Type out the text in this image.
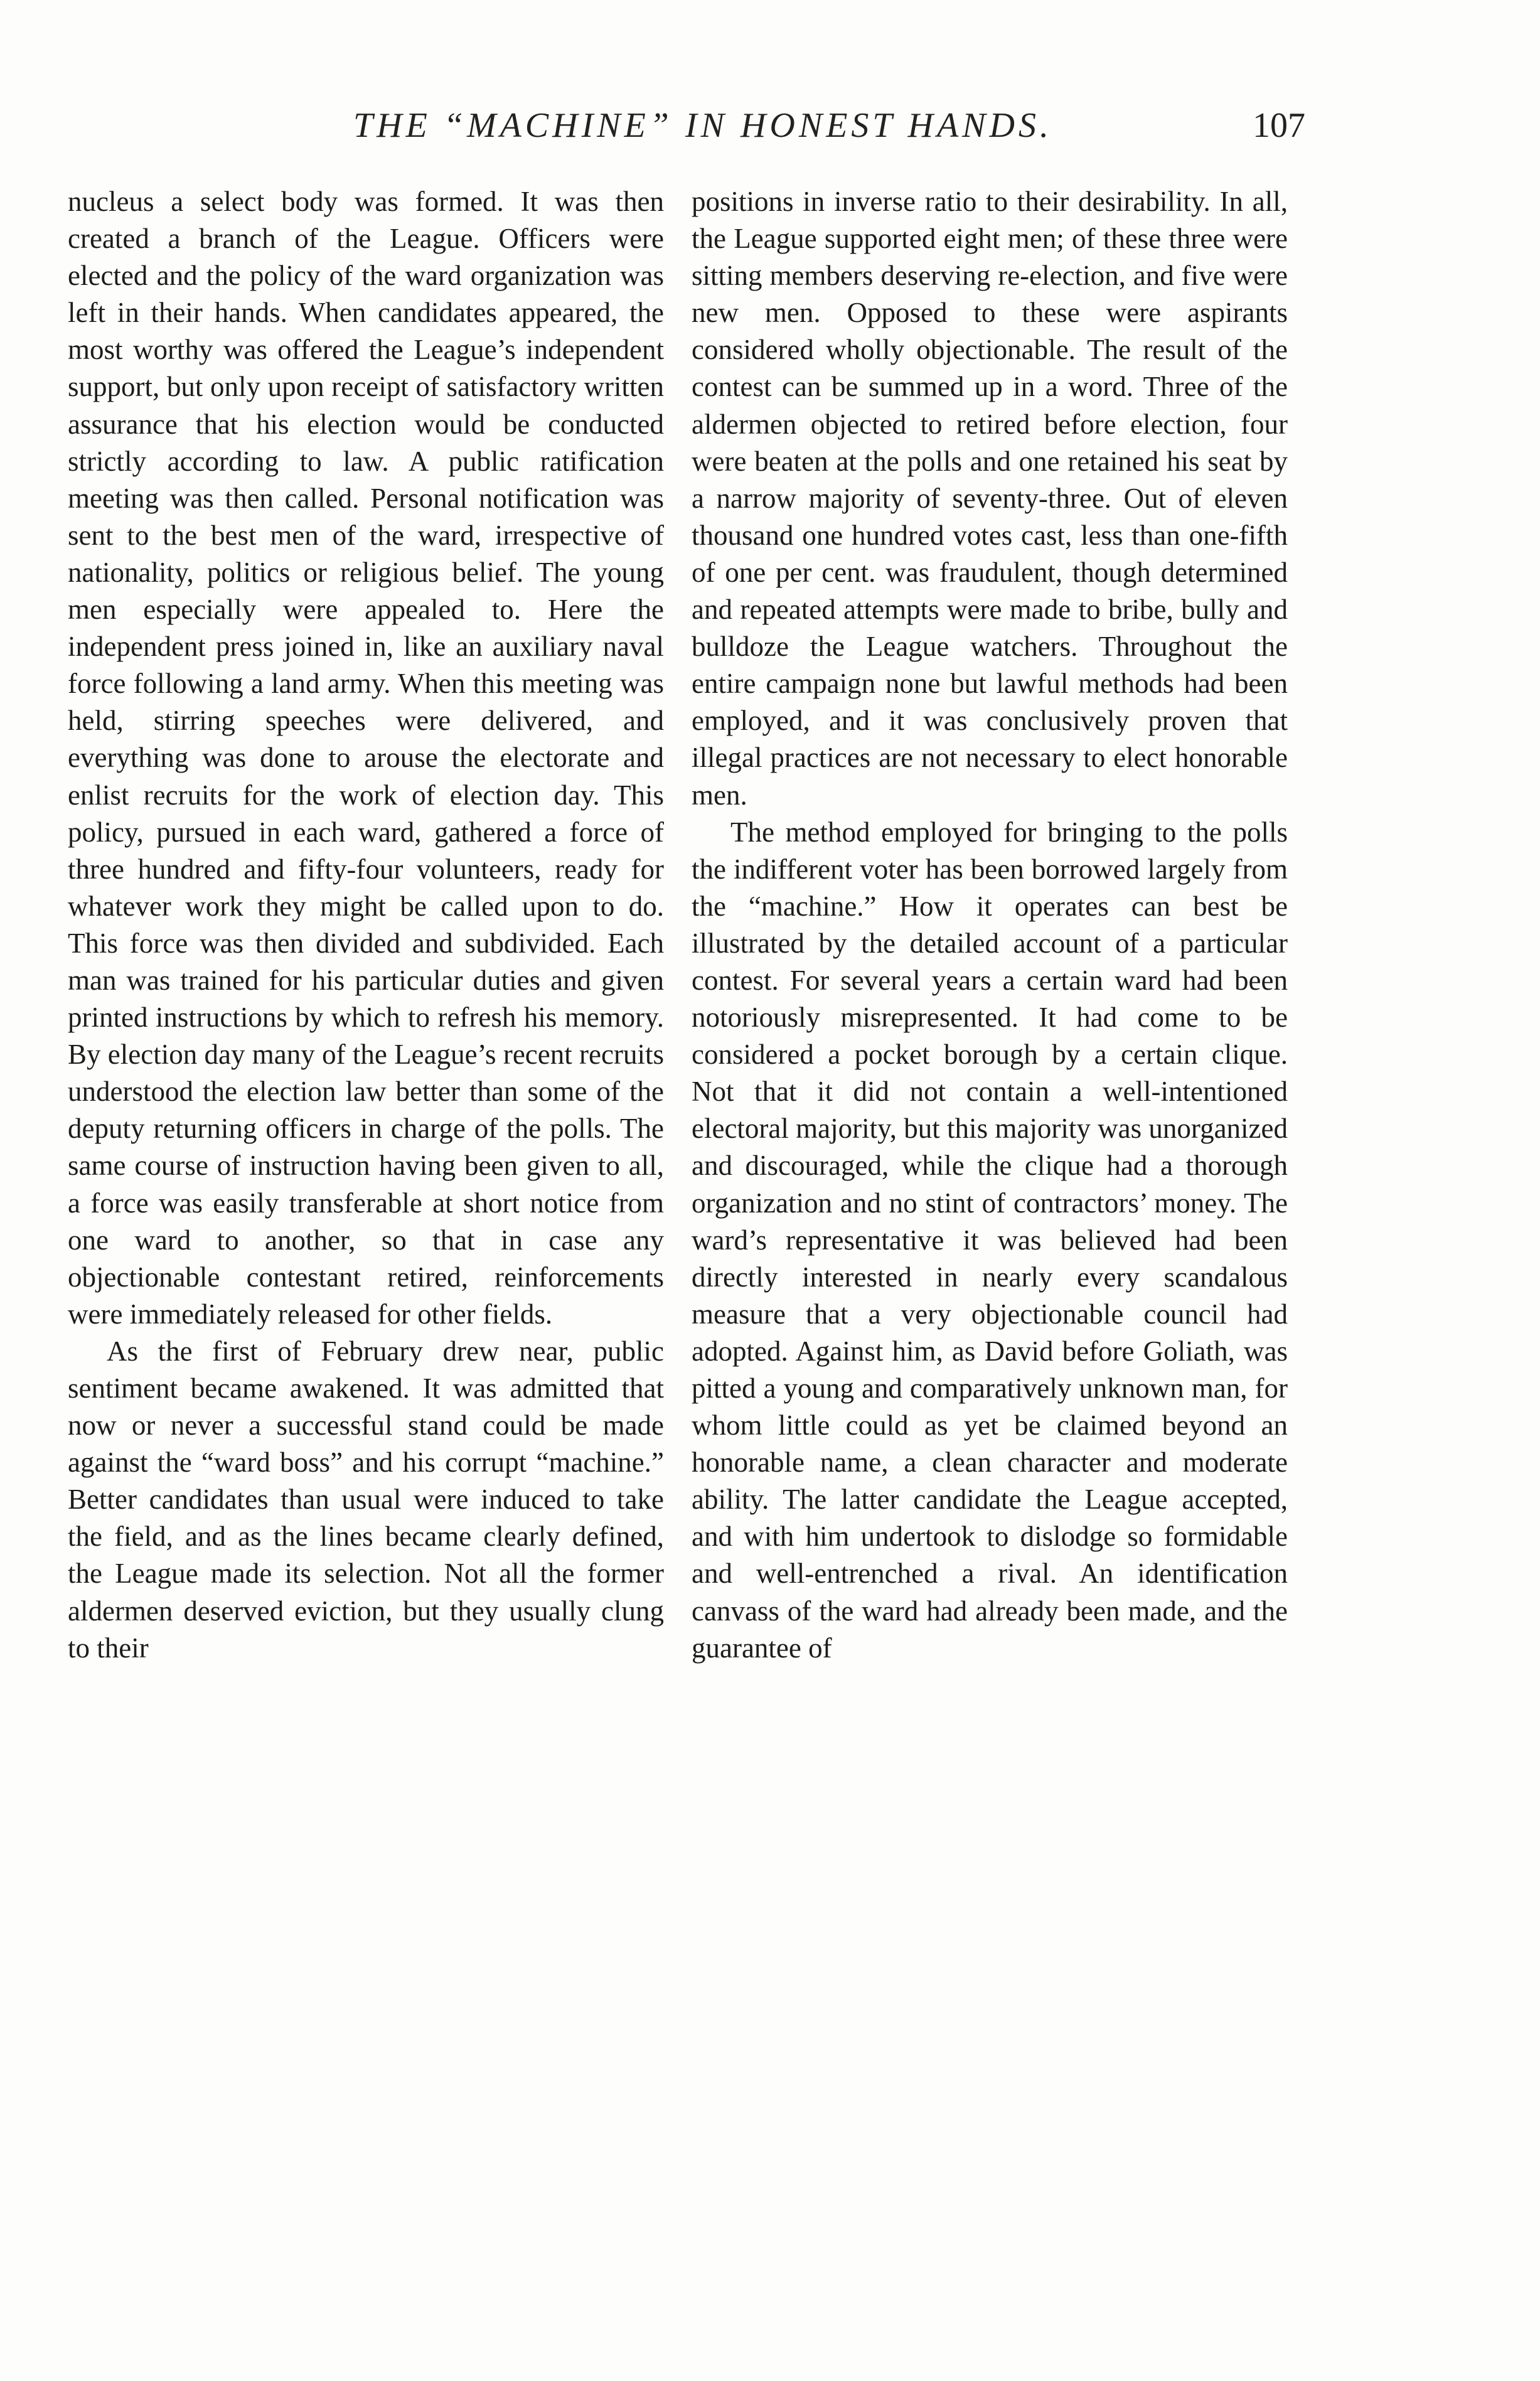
THE “MACHINE” IN HONEST HANDS.	107

nucleus a select body was formed. It was then created a branch of the League. Officers were elected and the policy of the ward organization was left in their hands. When candidates appeared, the most worthy was offered the League’s independent support, but only upon receipt of satisfactory written assurance that his election would be conducted strictly according to law. A public ratification meeting was then called. Personal notification was sent to the best men of the ward, irrespective of nationality, politics or religious belief. The young men especially were appealed to. Here the independent press joined in, like an auxiliary naval force following a land army. When this meeting was held, stirring speeches were delivered, and everything was done to arouse the electorate and enlist recruits for the work of election day. This policy, pursued in each ward, gathered a force of three hundred and fifty-four volunteers, ready for whatever work they might be called upon to do. This force was then divided and subdivided. Each man was trained for his particular duties and given printed instructions by which to refresh his memory. By election day many of the League’s recent recruits understood the election law better than some of the deputy returning officers in charge of the polls. The same course of instruction having been given to all, a force was easily transferable at short notice from one ward to another, so that in case any objectionable contestant retired, reinforcements were immediately released for other fields.

As the first of February drew near, public sentiment became awakened. It was admitted that now or never a successful stand could be made against the “ward boss” and his corrupt “machine.” Better candidates than usual were induced to take the field, and as the lines became clearly defined, the League made its selection. Not all the former aldermen deserved eviction, but they usually clung to their

positions in inverse ratio to their desirability. In all, the League supported eight men; of these three were sitting members deserving re-election, and five were new men. Opposed to these were aspirants considered wholly objectionable. The result of the contest can be summed up in a word. Three of the aldermen objected to retired before election, four were beaten at the polls and one retained his seat by a narrow majority of seventy-three. Out of eleven thousand one hundred votes cast, less than one-fifth of one per cent. was fraudulent, though determined and repeated attempts were made to bribe, bully and bulldoze the League watchers. Throughout the entire campaign none but lawful methods had been employed, and it was conclusively proven that illegal practices are not necessary to elect honorable men.

The method employed for bringing to the polls the indifferent voter has been borrowed largely from the “machine.” How it operates can best be illustrated by the detailed account of a particular contest. For several years a certain ward had been notoriously misrepresented. It had come to be considered a pocket borough by a certain clique. Not that it did not contain a well-intentioned electoral majority, but this majority was unorganized and discouraged, while the clique had a thorough organization and no stint of contractors’ money. The ward’s representative it was believed had been directly interested in nearly every scandalous measure that a very objectionable council had adopted. Against him, as David before Goliath, was pitted a young and comparatively unknown man, for whom little could as yet be claimed beyond an honorable name, a clean character and moderate ability. The latter candidate the League accepted, and with him undertook to dislodge so formidable and well-entrenched a rival. An identification canvass of the ward had already been made, and the guarantee of
